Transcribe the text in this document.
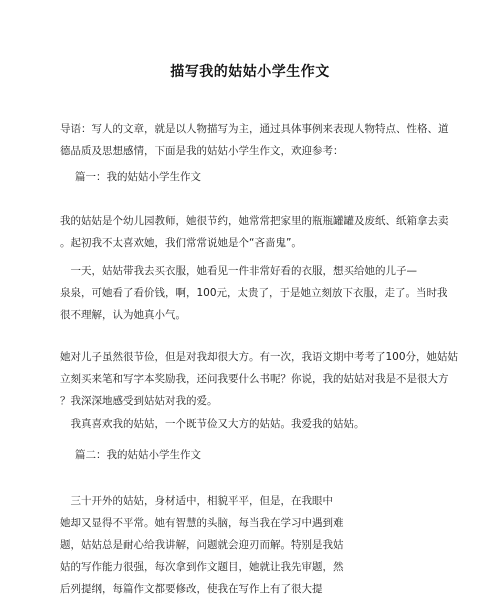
描写我的姑姑小学生作文

导语：写人的文章，就是以人物描写为主，通过具体事例来表现人物特点、性格、道
德品质及思想感情，下面是我的姑姑小学生作文，欢迎参考：

篇一：我的姑姑小学生作文

我的姑姑是个幼儿园教师，她很节约，她常常把家里的瓶瓶罐罐及废纸、纸箱拿去卖
。起初我不太喜欢她，我们常常说她是个“吝啬鬼”。

　一天，姑姑带我去买衣服，她看见一件非常好看的衣服，想买给她的儿子—
泉泉，可她看了看价钱，啊，100元，太贵了，于是她立刻放下衣服，走了。当时我
很不理解，认为她真小气。

她对儿子虽然很节俭，但是对我却很大方。有一次，我语文期中考考了100分，她姑姑
立刻买来笔和写字本奖励我，还问我要什么书呢？你说，我的姑姑对我是不是很大方
？我深深地感受到姑姑对我的爱。

　我真喜欢我的姑姑，一个既节俭又大方的姑姑。我爱我的姑姑。

篇二：我的姑姑小学生作文

　三十开外的姑姑，身材适中，相貌平平，但是，在我眼中
她却又显得不平常。她有智慧的头脑，每当我在学习中遇到难
题，姑姑总是耐心给我讲解，问题就会迎刃而解。特别是我姑
姑的写作能力很强，每次拿到作文题目，她就让我先审题，然
后列提纲，每篇作文都要修改，使我在写作上有了很大提
